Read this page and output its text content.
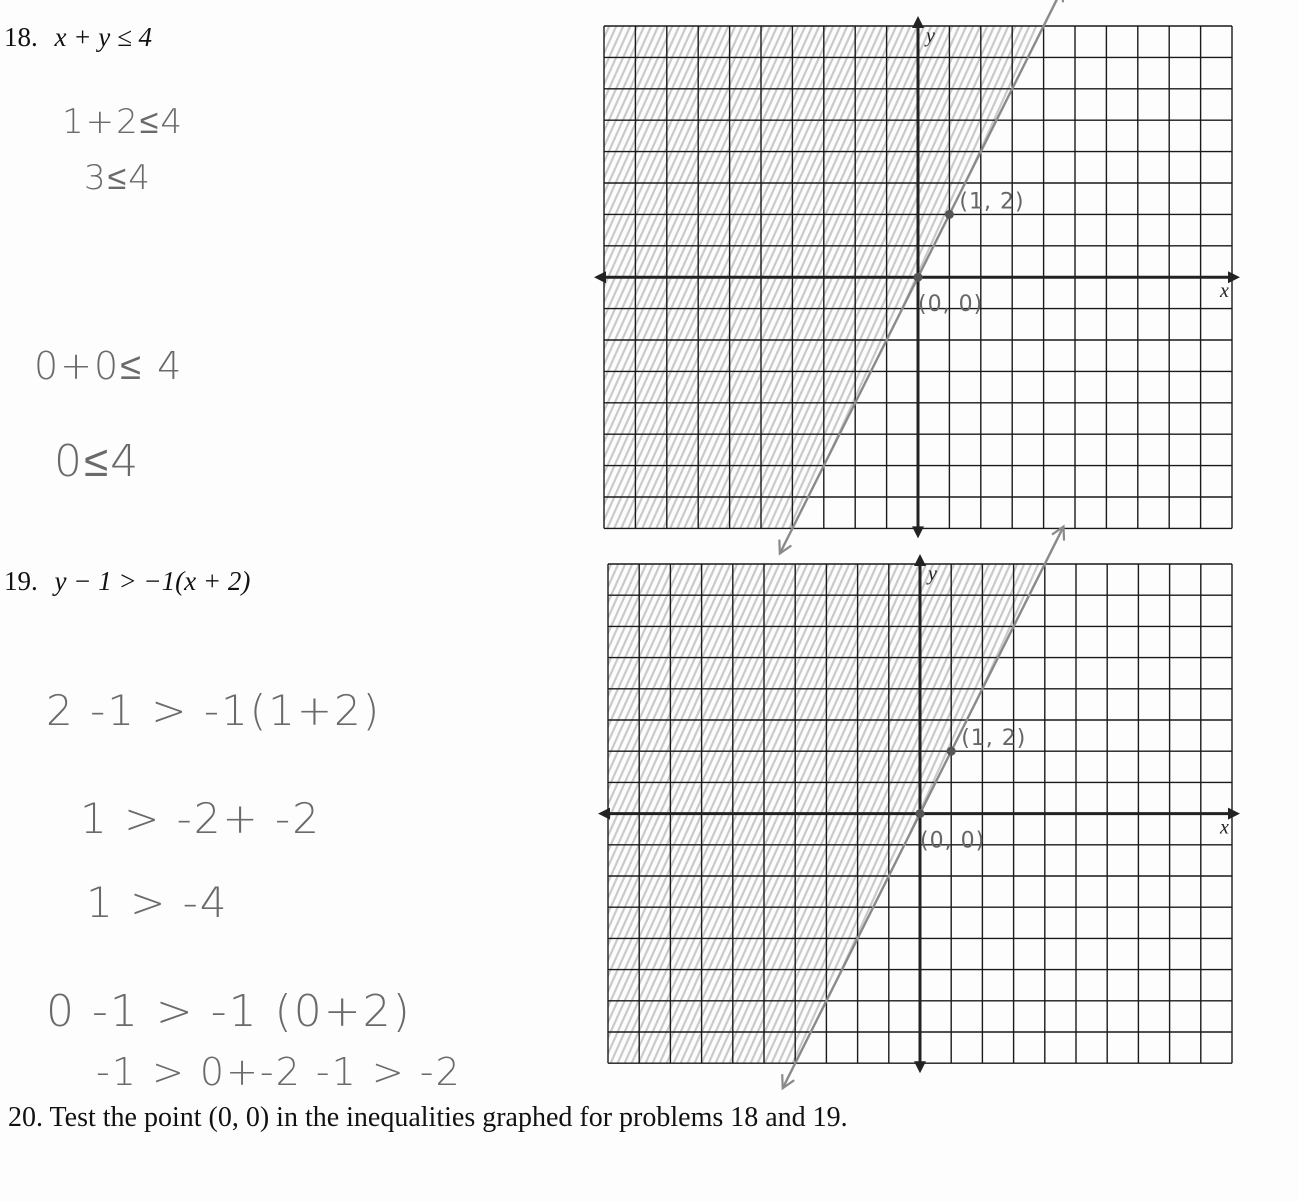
18. x + y ≤ 4
1+2≤4
3≤4
0+0≤ 4
0≤4
19. y − 1 > −1(x + 2)
2 -1 > -1(1+2)
1 > -2+ -2
1 > -4
0 -1 > -1 (0+2)
-1 > 0+-2 -1 > -2
x
y
(1, 2)
(0, 0)
x
y
(1, 2)
(0, 0)
20. Test the point (0, 0) in the inequalities graphed for problems 18 and 19.
